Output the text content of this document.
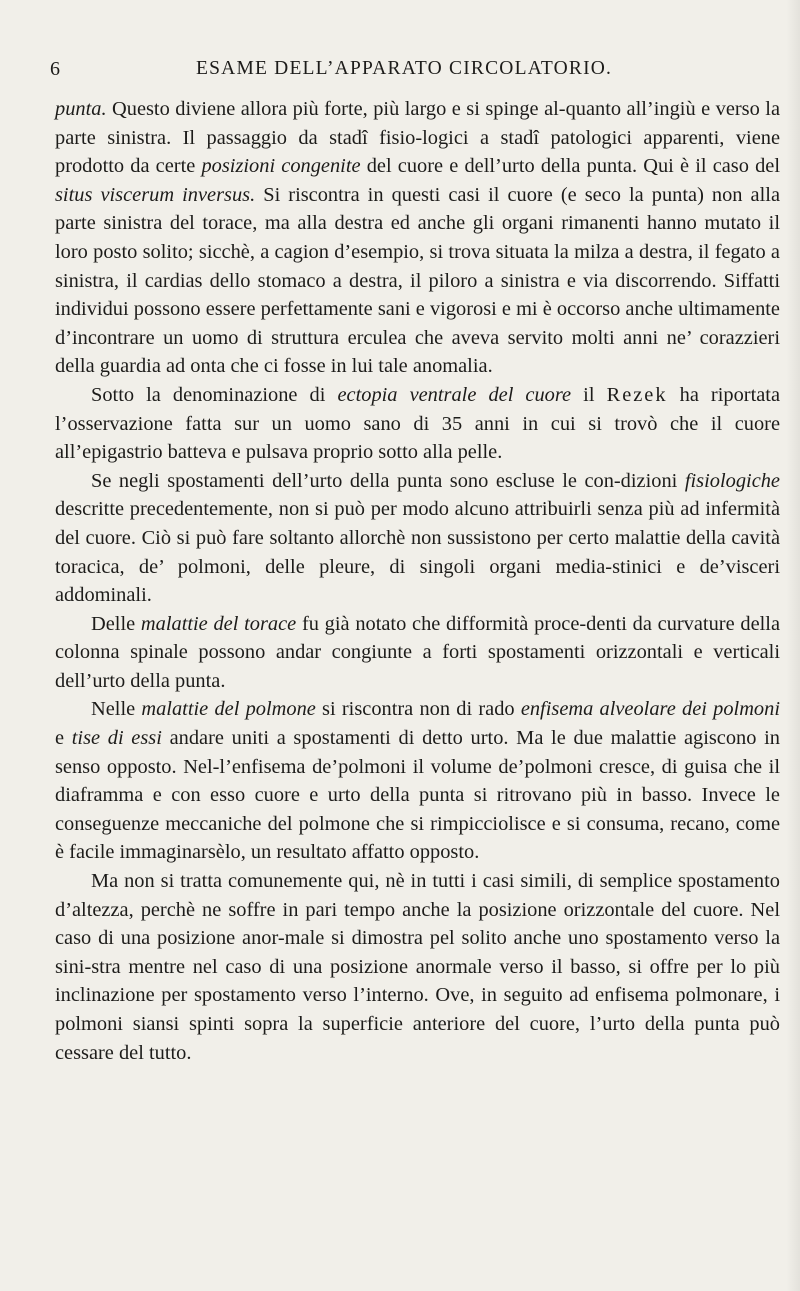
6	ESAME DELL’APPARATO CIRCOLATORIO.

punta. Questo diviene allora più forte, più largo e si spinge al-quanto all’ingiù e verso la parte sinistra. Il passaggio da stadî fisio-logici a stadî patologici apparenti, viene prodotto da certe posizioni congenite del cuore e dell’urto della punta. Qui è il caso del situs viscerum inversus. Si riscontra in questi casi il cuore (e seco la punta) non alla parte sinistra del torace, ma alla destra ed anche gli organi rimanenti hanno mutato il loro posto solito; sicchè, a cagion d’esempio, si trova situata la milza a destra, il fegato a sinistra, il cardias dello stomaco a destra, il piloro a sinistra e via discorrendo. Siffatti individui possono essere perfettamente sani e vigorosi e mi è occorso anche ultimamente d’incontrare un uomo di struttura erculea che aveva servito molti anni ne’ corazzieri della guardia ad onta che ci fosse in lui tale anomalia.

Sotto la denominazione di ectopia ventrale del cuore il Rezek ha riportata l’osservazione fatta sur un uomo sano di 35 anni in cui si trovò che il cuore all’epigastrio batteva e pulsava proprio sotto alla pelle.

Se negli spostamenti dell’urto della punta sono escluse le con-dizioni fisiologiche descritte precedentemente, non si può per modo alcuno attribuirli senza più ad infermità del cuore. Ciò si può fare soltanto allorchè non sussistono per certo malattie della cavità toracica, de’ polmoni, delle pleure, di singoli organi media-stinici e de’visceri addominali.

Delle malattie del torace fu già notato che difformità proce-denti da curvature della colonna spinale possono andar congiunte a forti spostamenti orizzontali e verticali dell’urto della punta.

Nelle malattie del polmone si riscontra non di rado enfisema alveolare dei polmoni e tise di essi andare uniti a spostamenti di detto urto. Ma le due malattie agiscono in senso opposto. Nel-l’enfisema de’polmoni il volume de’polmoni cresce, di guisa che il diaframma e con esso cuore e urto della punta si ritrovano più in basso. Invece le conseguenze meccaniche del polmone che si rimpicciolisce e si consuma, recano, come è facile immaginarsèlo, un resultato affatto opposto.

Ma non si tratta comunemente qui, nè in tutti i casi simili, di semplice spostamento d’altezza, perchè ne soffre in pari tempo anche la posizione orizzontale del cuore. Nel caso di una posizione anor-male si dimostra pel solito anche uno spostamento verso la sini-stra mentre nel caso di una posizione anormale verso il basso, si offre per lo più inclinazione per spostamento verso l’interno. Ove, in seguito ad enfisema polmonare, i polmoni siansi spinti sopra la superficie anteriore del cuore, l’urto della punta può cessare del tutto.
